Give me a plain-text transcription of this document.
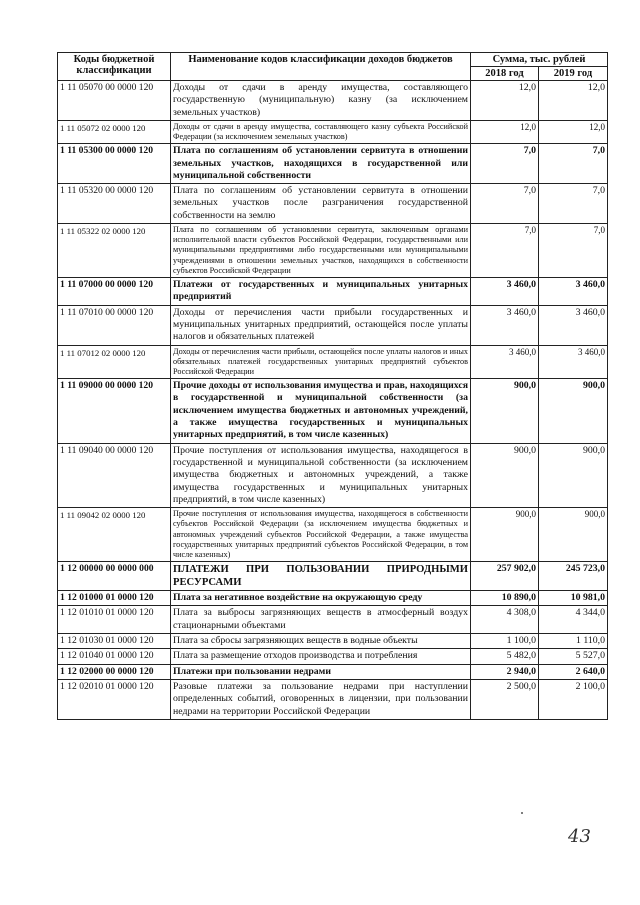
Коды бюджетной классификации	Наименование кодов классификации доходов бюджетов	Сумма, тыс. рублей	
		2018 год	2019 год
1 11 05070 00 0000 120	Доходы от сдачи в аренду имущества, составляющего государственную (муниципальную) казну (за исключением земельных участков)	12,0	12,0
1 11 05072 02 0000 120	Доходы от сдачи в аренду имущества, составляющего казну субъекта Российской Федерации (за исключением земельных участков)	12,0	12,0
1 11 05300 00 0000 120	Плата по соглашениям об установлении сервитута в отношении земельных участков, находящихся в государственной или муниципальной собственности	7,0	7,0
1 11 05320 00 0000 120	Плата по соглашениям об установлении сервитута в отношении земельных участков после разграничения государственной собственности на землю	7,0	7,0
1 11 05322 02 0000 120	Плата по соглашениям об установлении сервитута, заключенным органами исполнительной власти субъектов Российской Федерации, государственными или муниципальными предприятиями либо государственными или муниципальными учреждениями в отношении земельных участков, находящихся в собственности субъектов Российской Федерации	7,0	7,0
1 11 07000 00 0000 120	Платежи от государственных и муниципальных унитарных предприятий	3 460,0	3 460,0
1 11 07010 00 0000 120	Доходы от перечисления части прибыли государственных и муниципальных унитарных предприятий, остающейся после уплаты налогов и обязательных платежей	3 460,0	3 460,0
1 11 07012 02 0000 120	Доходы от перечисления части прибыли, остающейся после уплаты налогов и иных обязательных платежей государственных унитарных предприятий субъектов Российской Федерации	3 460,0	3 460,0
1 11 09000 00 0000 120	Прочие доходы от использования имущества и прав, находящихся в государственной и муниципальной собственности (за исключением имущества бюджетных и автономных учреждений, а также имущества государственных и муниципальных унитарных предприятий, в том числе казенных)	900,0	900,0
1 11 09040 00 0000 120	Прочие поступления от использования имущества, находящегося в государственной и муниципальной собственности (за исключением имущества бюджетных и автономных учреждений, а также имущества государственных и муниципальных унитарных предприятий, в том числе казенных)	900,0	900,0
1 11 09042 02 0000 120	Прочие поступления от использования имущества, находящегося в собственности субъектов Российской Федерации (за исключением имущества бюджетных и автономных учреждений субъектов Российской Федерации, а также имущества государственных унитарных предприятий субъектов Российской Федерации, в том числе казенных)	900,0	900,0
1 12 00000 00 0000 000	ПЛАТЕЖИ ПРИ ПОЛЬЗОВАНИИ ПРИРОДНЫМИ РЕСУРСАМИ	257 902,0	245 723,0
1 12 01000 01 0000 120	Плата за негативное воздействие на окружающую среду	10 890,0	10 981,0
1 12 01010 01 0000 120	Плата за выбросы загрязняющих веществ в атмосферный воздух стационарными объектами	4 308,0	4 344,0
1 12 01030 01 0000 120	Плата за сбросы загрязняющих веществ в водные объекты	1 100,0	1 110,0
1 12 01040 01 0000 120	Плата за размещение отходов производства и потребления	5 482,0	5 527,0
1 12 02000 00 0000 120	Платежи при пользовании недрами	2 940,0	2 640,0
1 12 02010 01 0000 120	Разовые платежи за пользование недрами при наступлении определенных событий, оговоренных в лицензии, при пользовании недрами на территории Российской Федерации	2 500,0	2 100,0
43
